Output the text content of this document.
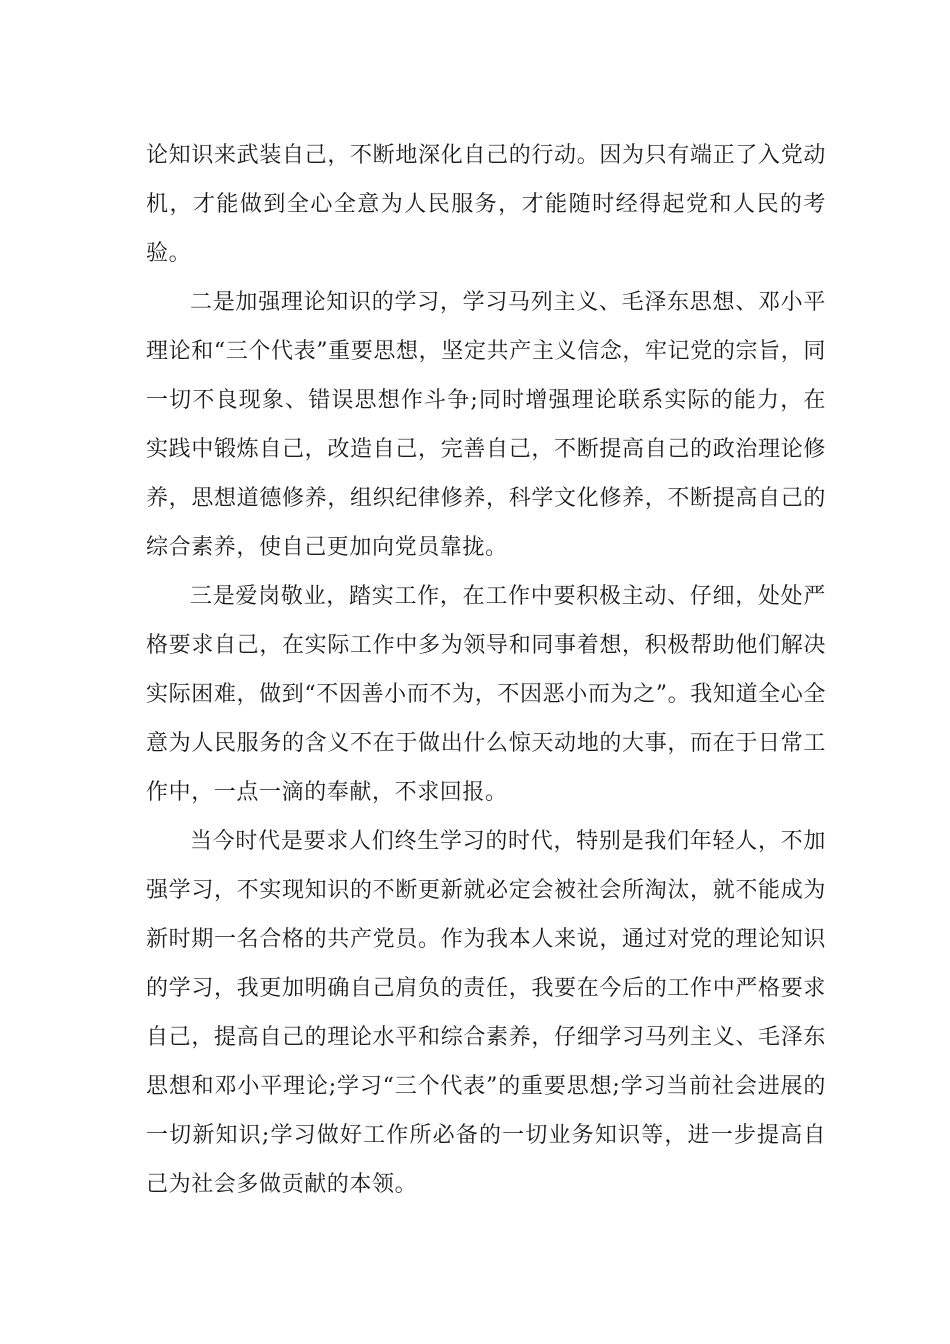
论知识来武装自己，不断地深化自己的行动。因为只有端正了入党动机，才能做到全心全意为人民服务，才能随时经得起党和人民的考验。

二是加强理论知识的学习，学习马列主义、毛泽东思想、邓小平理论和“三个代表”重要思想，坚定共产主义信念，牢记党的宗旨，同一切不良现象、错误思想作斗争;同时增强理论联系实际的能力，在实践中锻炼自己，改造自己，完善自己，不断提高自己的政治理论修养，思想道德修养，组织纪律修养，科学文化修养，不断提高自己的综合素养，使自己更加向党员靠拢。

三是爱岗敬业，踏实工作，在工作中要积极主动、仔细，处处严格要求自己，在实际工作中多为领导和同事着想，积极帮助他们解决实际困难，做到“不因善小而不为，不因恶小而为之”。我知道全心全意为人民服务的含义不在于做出什么惊天动地的大事，而在于日常工作中，一点一滴的奉献，不求回报。

当今时代是要求人们终生学习的时代，特别是我们年轻人，不加强学习，不实现知识的不断更新就必定会被社会所淘汰，就不能成为新时期一名合格的共产党员。作为我本人来说，通过对党的理论知识的学习，我更加明确自己肩负的责任，我要在今后的工作中严格要求自己，提高自己的理论水平和综合素养，仔细学习马列主义、毛泽东思想和邓小平理论;学习“三个代表”的重要思想;学习当前社会进展的一切新知识;学习做好工作所必备的一切业务知识等，进一步提高自己为社会多做贡献的本领。
